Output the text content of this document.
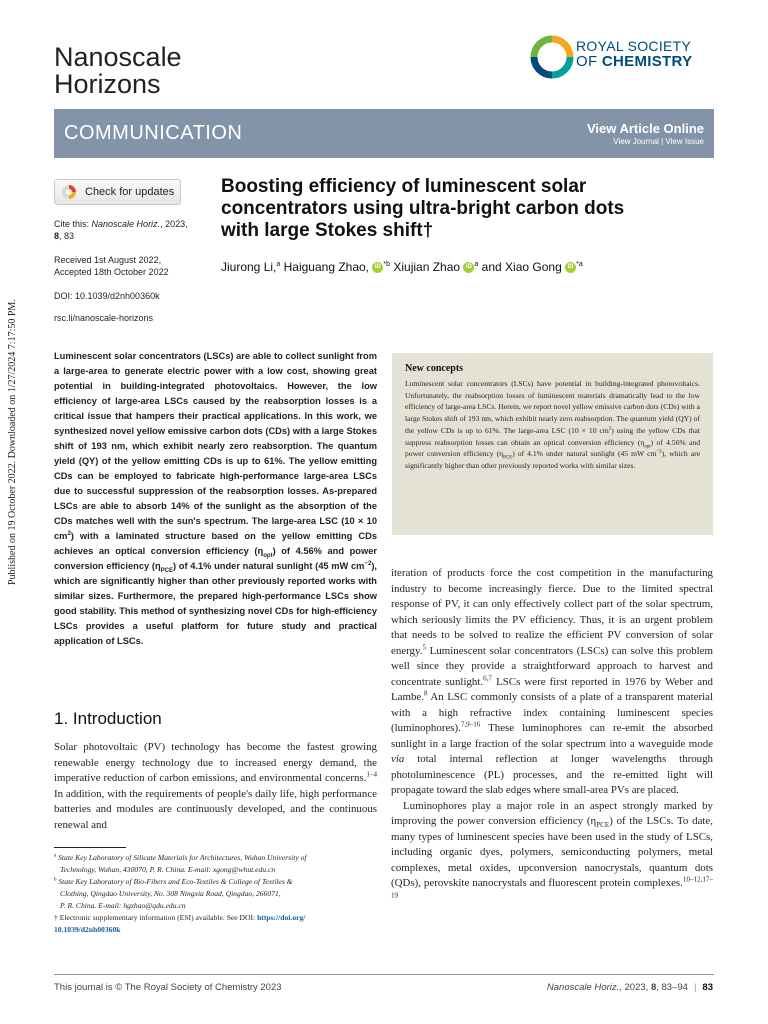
Published on 19 October 2022. Downloaded on 1/27/2024 7:17:50 PM.
Nanoscale
Horizons
ROYAL SOCIETY
OF CHEMISTRY
COMMUNICATION	View Article Online
View Journal | View Issue
Check for updates
Cite this: Nanoscale Horiz., 2023,
8, 83
Received 1st August 2022,
Accepted 18th October 2022
DOI: 10.1039/d2nh00360k
rsc.li/nanoscale-horizons
Boosting efficiency of luminescent solar concentrators using ultra-bright carbon dots with large Stokes shift†
Jiurong Li,$^a$ Haiguang Zhao, iD $^{*b}$ Xiujian Zhao iD $^a$ and Xiao Gong iD $^{*a}$
Luminescent solar concentrators (LSCs) are able to collect sunlight from a large-area to generate electric power with a low cost, showing great potential in building-integrated photovoltaics. However, the low efficiency of large-area LSCs caused by the reabsorption losses is a critical issue that hampers their practical applications. In this work, we synthesized novel yellow emissive carbon dots (CDs) with a large Stokes shift of 193 nm, which exhibit nearly zero reabsorption. The quantum yield (QY) of the yellow emitting CDs is up to 61%. The yellow emitting CDs can be employed to fabricate high-performance large-area LSCs due to successful suppression of the reabsorption losses. As-prepared LSCs are able to absorb 14% of the sunlight as the absorption of the CDs matches well with the sun's spectrum. The large-area LSC (10 × 10 $cm^2$) with a laminated structure based on the yellow emitting CDs achieves an optical conversion efficiency $(\eta_{opt})$ of 4.56% and power conversion efficiency $(\eta_{PCE})$ of 4.1% under natural sunlight (45 mW $cm^{-2}$), which are significantly higher than other previously reported works with similar sizes. Furthermore, the prepared high-performance LSCs show good stability. This method of synthesizing novel CDs for high-efficiency LSCs provides a useful platform for future study and practical application of LSCs.
New concepts
Luminescent solar concentrators (LSCs) have potential in building-integrated photovoltaics. Unfortunately, the reabsorption losses of luminescent materials dramatically lead to the low efficiency of large-area LSCs. Herein, we report novel yellow emissive carbon dots (CDs) with a large Stokes shift of 193 nm, which exhibit nearly zero reabsorption. The quantum yield (QY) of the yellow CDs is up to 61%. The large-area LSC (10 × 10 $cm^2$) using the yellow CDs that suppress reabsorption losses can obtain an optical conversion efficiency $(\eta_{opt})$ of 4.56% and power conversion efficiency $(\eta_{PCE})$ of 4.1% under natural sunlight (45 mW $cm^{-2}$), which are significantly higher than other previously reported works with similar sizes.
1. Introduction
Solar photovoltaic (PV) technology has become the fastest growing renewable energy technology due to increased energy demand, the imperative reduction of carbon emissions, and environmental concerns.$^{1-4}$ In addition, with the requirements of people's daily life, high performance batteries and modules are continuously developed, and the continuous renewal and

iteration of products force the cost competition in the manufacturing industry to become increasingly fierce. Due to the limited spectral response of PV, it can only effectively collect part of the solar spectrum, which seriously limits the PV efficiency. Thus, it is an urgent problem that needs to be solved to realize the efficient PV conversion of solar energy.$^5$ Luminescent solar concentrators (LSCs) can solve this problem well since they provide a straightforward approach to harvest and concentrate sunlight.$^{6,7}$ LSCs were first reported in 1976 by Weber and Lambe.$^8$ An LSC commonly consists of a plate of a transparent material with a high refractive index containing luminescent species (luminophores).$^{7,9-16}$ These luminophores can re-emit the absorbed sunlight in a large fraction of the solar spectrum into a waveguide mode via total internal reflection at longer wavelengths through photoluminescence (PL) processes, and the re-emitted light will propagate toward the slab edges where small-area PVs are placed.

Luminophores play a major role in an aspect strongly marked by improving the power conversion efficiency $(\eta_{PCE})$ of the LSCs. To date, many types of luminescent species have been used in the study of LSCs, including organic dyes, polymers, semiconducting polymers, metal complexes, metal oxides, upconversion nanocrystals, quantum dots (QDs), perovskite nanocrystals and fluorescent protein complexes.$^{10-12,17-19}$

$^a$ State Key Laboratory of Silicate Materials for Architectures, Wuhan University of
Technology, Wuhan, 430070, P. R. China. E-mail: xgong@whut.edu.cn
$^b$ State Key Laboratory of Bio-Fibers and Eco-Textiles & College of Textiles &
Clothing, Qingdao University, No. 308 Ningxia Road, Qingdao, 266071,
P. R. China. E-mail: hgzhao@qdu.edu.cn
† Electronic supplementary information (ESI) available. See DOI: https://doi.org/
10.1039/d2nh00360k
This journal is © The Royal Society of Chemistry 2023	Nanoscale Horiz., 2023, 8, 83–94 | 83
